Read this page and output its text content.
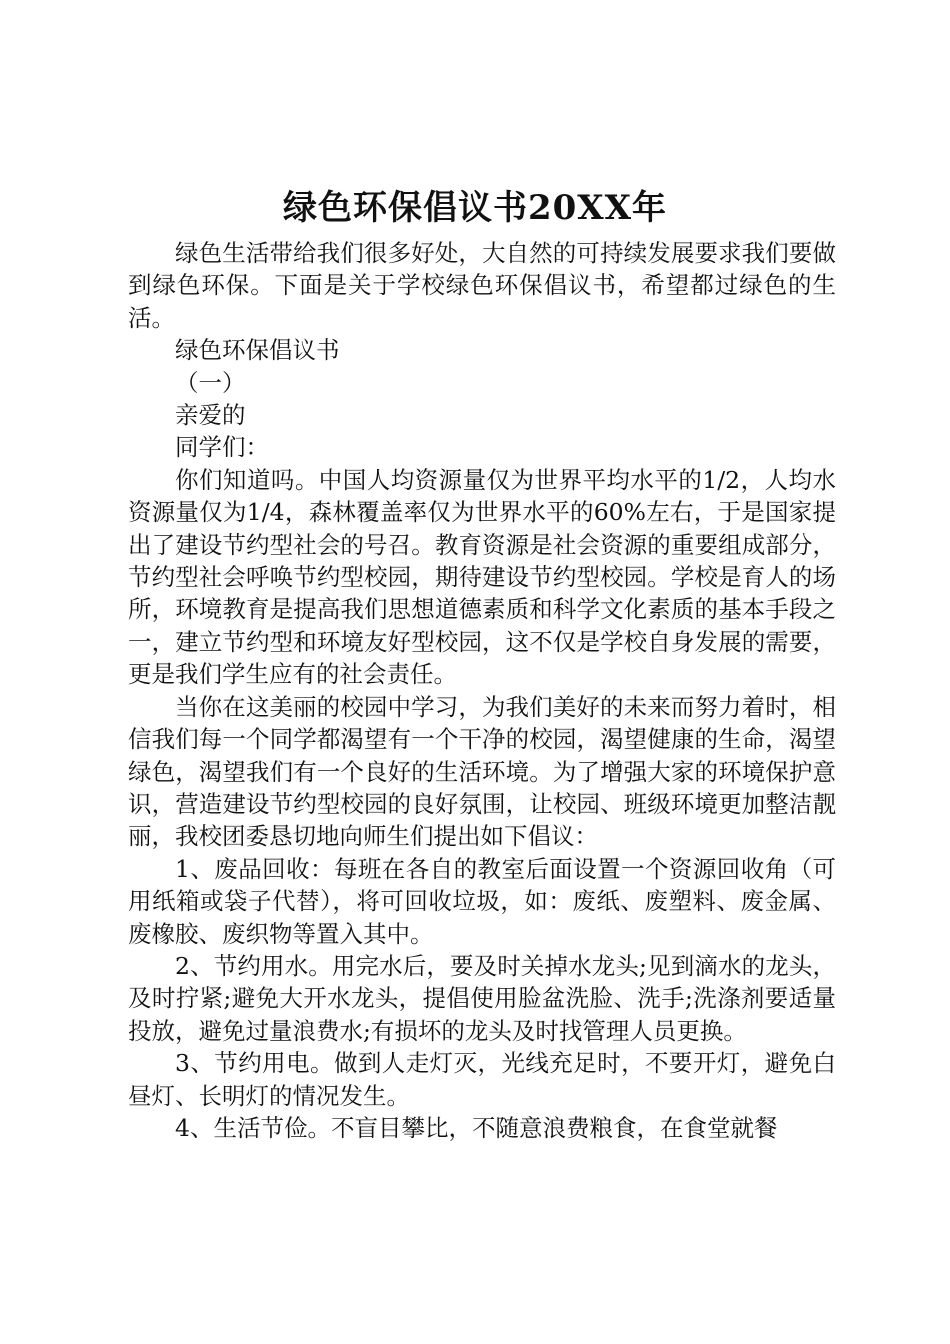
绿色环保倡议书20XX年

绿色生活带给我们很多好处，大自然的可持续发展要求我们要做到绿色环保。下面是关于学校绿色环保倡议书，希望都过绿色的生活。

绿色环保倡议书

（一）

亲爱的

同学们：

你们知道吗。中国人均资源量仅为世界平均水平的1/2，人均水资源量仅为1/4，森林覆盖率仅为世界水平的60%左右，于是国家提出了建设节约型社会的号召。教育资源是社会资源的重要组成部分，节约型社会呼唤节约型校园，期待建设节约型校园。学校是育人的场所，环境教育是提高我们思想道德素质和科学文化素质的基本手段之一，建立节约型和环境友好型校园，这不仅是学校自身发展的需要，更是我们学生应有的社会责任。

当你在这美丽的校园中学习，为我们美好的未来而努力着时，相信我们每一个同学都渴望有一个干净的校园，渴望健康的生命，渴望绿色，渴望我们有一个良好的生活环境。为了增强大家的环境保护意识，营造建设节约型校园的良好氛围，让校园、班级环境更加整洁靓丽，我校团委恳切地向师生们提出如下倡议：

1、废品回收：每班在各自的教室后面设置一个资源回收角（可用纸箱或袋子代替），将可回收垃圾，如：废纸、废塑料、废金属、废橡胶、废织物等置入其中。

2、节约用水。用完水后，要及时关掉水龙头;见到滴水的龙头，及时拧紧;避免大开水龙头，提倡使用脸盆洗脸、洗手;洗涤剂要适量投放，避免过量浪费水;有损坏的龙头及时找管理人员更换。

3、节约用电。做到人走灯灭，光线充足时，不要开灯，避免白昼灯、长明灯的情况发生。

4、生活节俭。不盲目攀比，不随意浪费粮食，在食堂就餐
